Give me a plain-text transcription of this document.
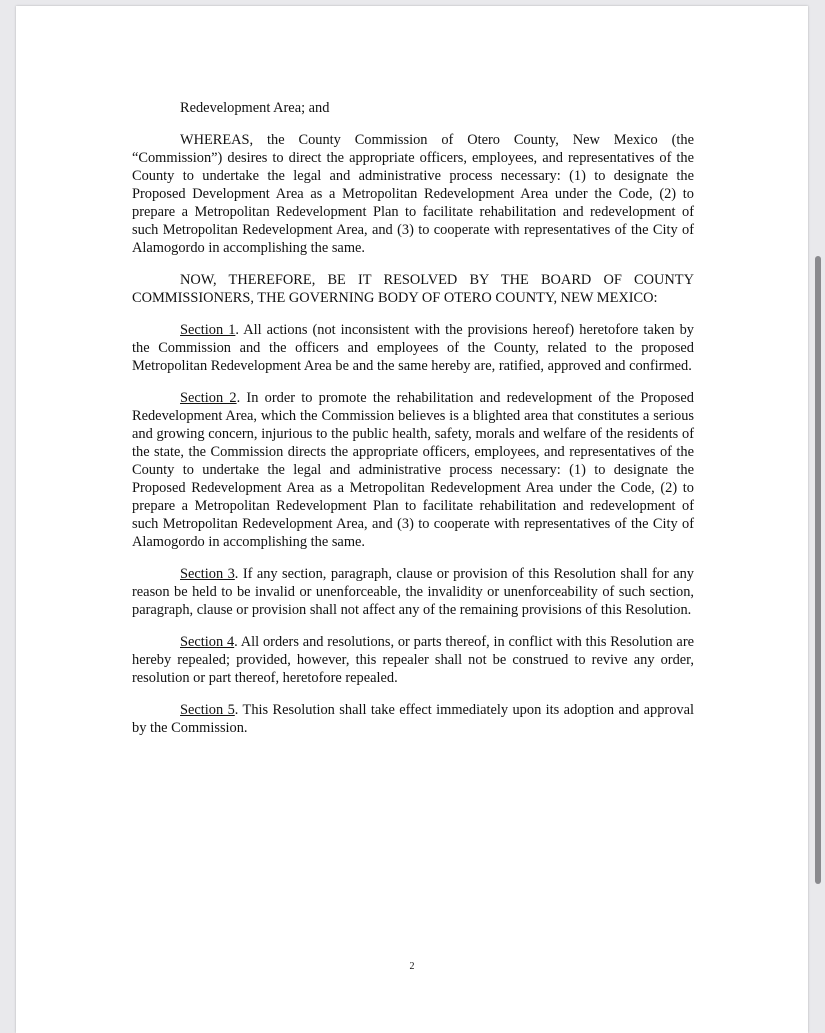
Redevelopment Area; and

WHEREAS, the County Commission of Otero County, New Mexico (the “Commission”) desires to direct the appropriate officers, employees, and representatives of the County to undertake the legal and administrative process necessary: (1) to designate the Proposed Development Area as a Metropolitan Redevelopment Area under the Code, (2) to prepare a Metropolitan Redevelopment Plan to facilitate rehabilitation and redevelopment of such Metropolitan Redevelopment Area, and (3) to cooperate with representatives of the City of Alamogordo in accomplishing the same.

NOW, THEREFORE, BE IT RESOLVED BY THE BOARD OF COUNTY COMMISSIONERS, THE GOVERNING BODY OF OTERO COUNTY, NEW MEXICO:

Section 1. All actions (not inconsistent with the provisions hereof) heretofore taken by the Commission and the officers and employees of the County, related to the proposed Metropolitan Redevelopment Area be and the same hereby are, ratified, approved and confirmed.

Section 2. In order to promote the rehabilitation and redevelopment of the Proposed Redevelopment Area, which the Commission believes is a blighted area that constitutes a serious and growing concern, injurious to the public health, safety, morals and welfare of the residents of the state, the Commission directs the appropriate officers, employees, and representatives of the County to undertake the legal and administrative process necessary: (1) to designate the Proposed Redevelopment Area as a Metropolitan Redevelopment Area under the Code, (2) to prepare a Metropolitan Redevelopment Plan to facilitate rehabilitation and redevelopment of such Metropolitan Redevelopment Area, and (3) to cooperate with representatives of the City of Alamogordo in accomplishing the same.

Section 3. If any section, paragraph, clause or provision of this Resolution shall for any reason be held to be invalid or unenforceable, the invalidity or unenforceability of such section, paragraph, clause or provision shall not affect any of the remaining provisions of this Resolution.

Section 4. All orders and resolutions, or parts thereof, in conflict with this Resolution are hereby repealed; provided, however, this repealer shall not be construed to revive any order, resolution or part thereof, heretofore repealed.

Section 5. This Resolution shall take effect immediately upon its adoption and approval by the Commission.

2
